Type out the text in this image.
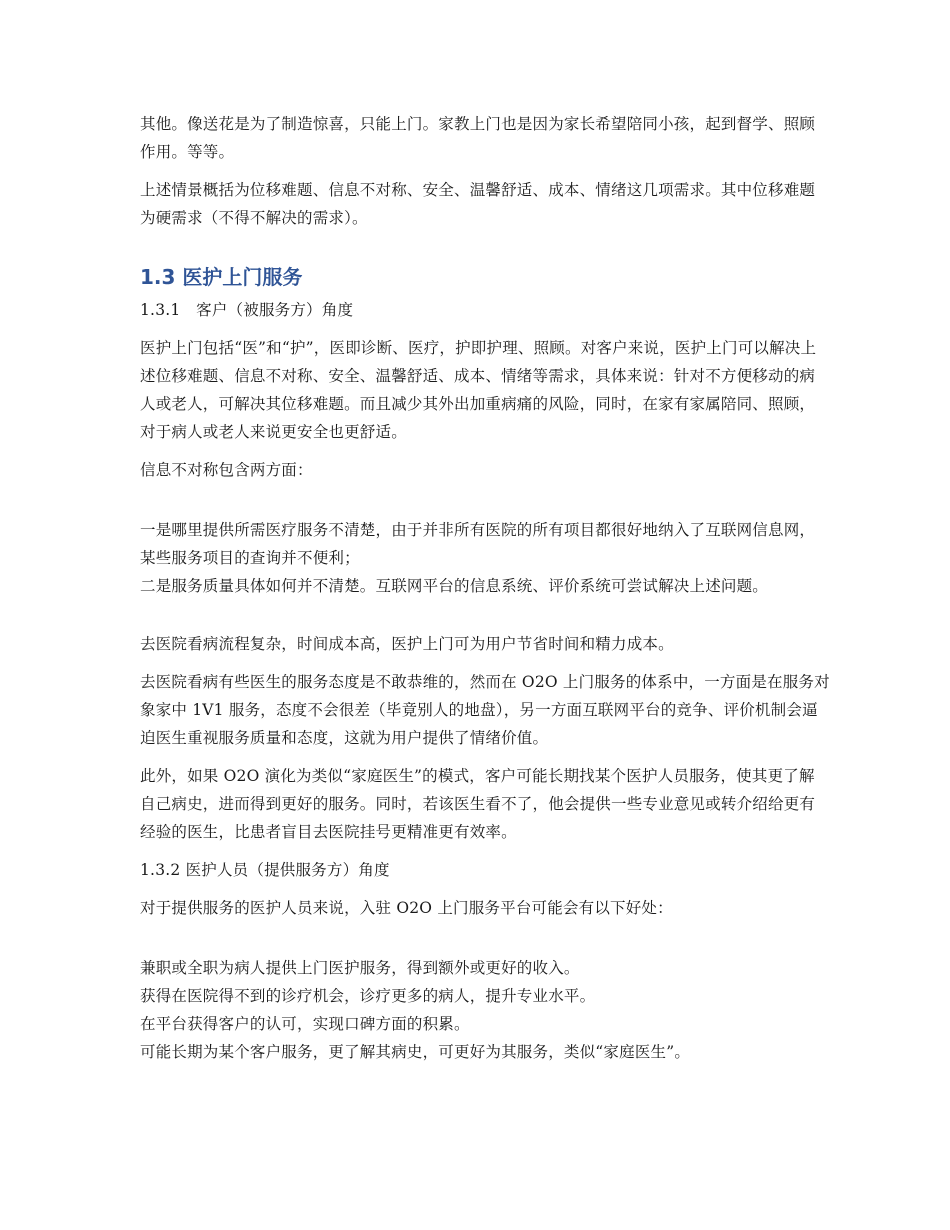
其他。像送花是为了制造惊喜，只能上门。家教上门也是因为家长希望陪同小孩，起到督学、照顾作用。等等。

上述情景概括为位移难题、信息不对称、安全、温馨舒适、成本、情绪这几项需求。其中位移难题为硬需求（不得不解决的需求）。

1.3 医护上门服务

1.3.1　客户（被服务方）角度

医护上门包括“医”和“护”，医即诊断、医疗，护即护理、照顾。对客户来说，医护上门可以解决上述位移难题、信息不对称、安全、温馨舒适、成本、情绪等需求，具体来说：针对不方便移动的病人或老人，可解决其位移难题。而且减少其外出加重病痛的风险，同时，在家有家属陪同、照顾，对于病人或老人来说更安全也更舒适。

信息不对称包含两方面：

一是哪里提供所需医疗服务不清楚，由于并非所有医院的所有项目都很好地纳入了互联网信息网，某些服务项目的查询并不便利；

二是服务质量具体如何并不清楚。互联网平台的信息系统、评价系统可尝试解决上述问题。

去医院看病流程复杂，时间成本高，医护上门可为用户节省时间和精力成本。

去医院看病有些医生的服务态度是不敢恭维的，然而在 O2O 上门服务的体系中，一方面是在服务对象家中 1V1 服务，态度不会很差（毕竟别人的地盘），另一方面互联网平台的竞争、评价机制会逼迫医生重视服务质量和态度，这就为用户提供了情绪价值。

此外，如果 O2O 演化为类似“家庭医生”的模式，客户可能长期找某个医护人员服务，使其更了解自己病史，进而得到更好的服务。同时，若该医生看不了，他会提供一些专业意见或转介绍给更有经验的医生，比患者盲目去医院挂号更精准更有效率。

1.3.2 医护人员（提供服务方）角度

对于提供服务的医护人员来说，入驻 O2O 上门服务平台可能会有以下好处：

兼职或全职为病人提供上门医护服务，得到额外或更好的收入。

获得在医院得不到的诊疗机会，诊疗更多的病人，提升专业水平。

在平台获得客户的认可，实现口碑方面的积累。

可能长期为某个客户服务，更了解其病史，可更好为其服务，类似“家庭医生”。
